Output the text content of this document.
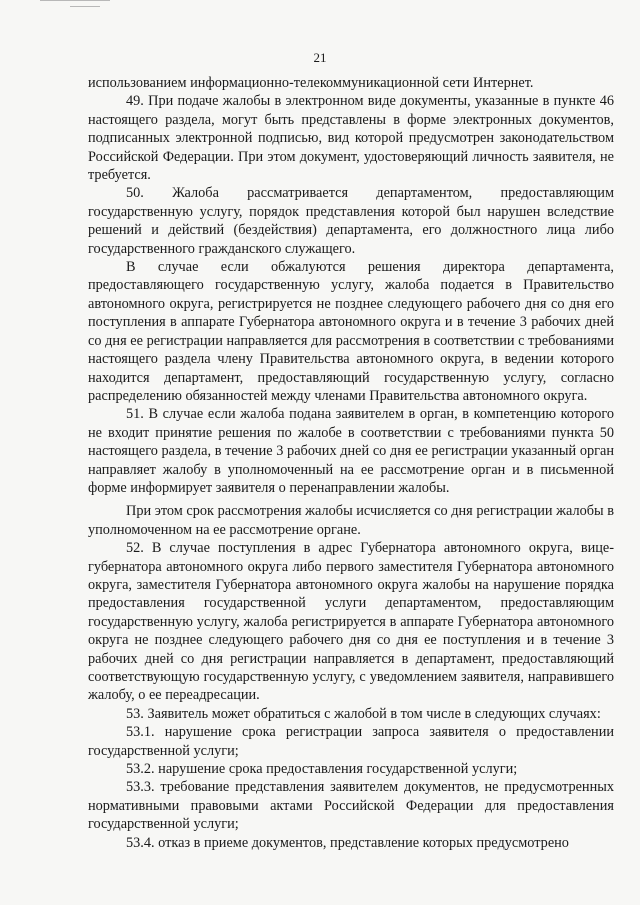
21

использованием информационно-телекоммуникационной сети Интернет.

49. При подаче жалобы в электронном виде документы, указанные в пункте 46 настоящего раздела, могут быть представлены в форме электронных документов, подписанных электронной подписью, вид которой предусмотрен законодательством Российской Федерации. При этом документ, удостоверяющий личность заявителя, не требуется.

50. Жалоба рассматривается департаментом, предоставляющим государственную услугу, порядок представления которой был нарушен вследствие решений и действий (бездействия) департамента, его должностного лица либо государственного гражданского служащего.

В случае если обжалуются решения директора департамента, предоставляющего государственную услугу, жалоба подается в Правительство автономного округа, регистрируется не позднее следующего рабочего дня со дня его поступления в аппарате Губернатора автономного округа и в течение 3 рабочих дней со дня ее регистрации направляется для рассмотрения в соответствии с требованиями настоящего раздела члену Правительства автономного округа, в ведении которого находится департамент, предоставляющий государственную услугу, согласно распределению обязанностей между членами Правительства автономного округа.

51. В случае если жалоба подана заявителем в орган, в компетенцию которого не входит принятие решения по жалобе в соответствии с требованиями пункта 50 настоящего раздела, в течение 3 рабочих дней со дня ее регистрации указанный орган направляет жалобу в уполномоченный на ее рассмотрение орган и в письменной форме информирует заявителя о перенаправлении жалобы.

При этом срок рассмотрения жалобы исчисляется со дня регистрации жалобы в уполномоченном на ее рассмотрение органе.

52. В случае поступления в адрес Губернатора автономного округа, вице-губернатора автономного округа либо первого заместителя Губернатора автономного округа, заместителя Губернатора автономного округа жалобы на нарушение порядка предоставления государственной услуги департаментом, предоставляющим государственную услугу, жалоба регистрируется в аппарате Губернатора автономного округа не позднее следующего рабочего дня со дня ее поступления и в течение 3 рабочих дней со дня регистрации направляется в департамент, предоставляющий соответствующую государственную услугу, с уведомлением заявителя, направившего жалобу, о ее переадресации.

53. Заявитель может обратиться с жалобой в том числе в следующих случаях:

53.1. нарушение срока регистрации запроса заявителя о предоставлении государственной услуги;

53.2. нарушение срока предоставления государственной услуги;

53.3. требование представления заявителем документов, не предусмотренных нормативными правовыми актами Российской Федерации для предоставления государственной услуги;

53.4. отказ в приеме документов, представление которых предусмотрено
